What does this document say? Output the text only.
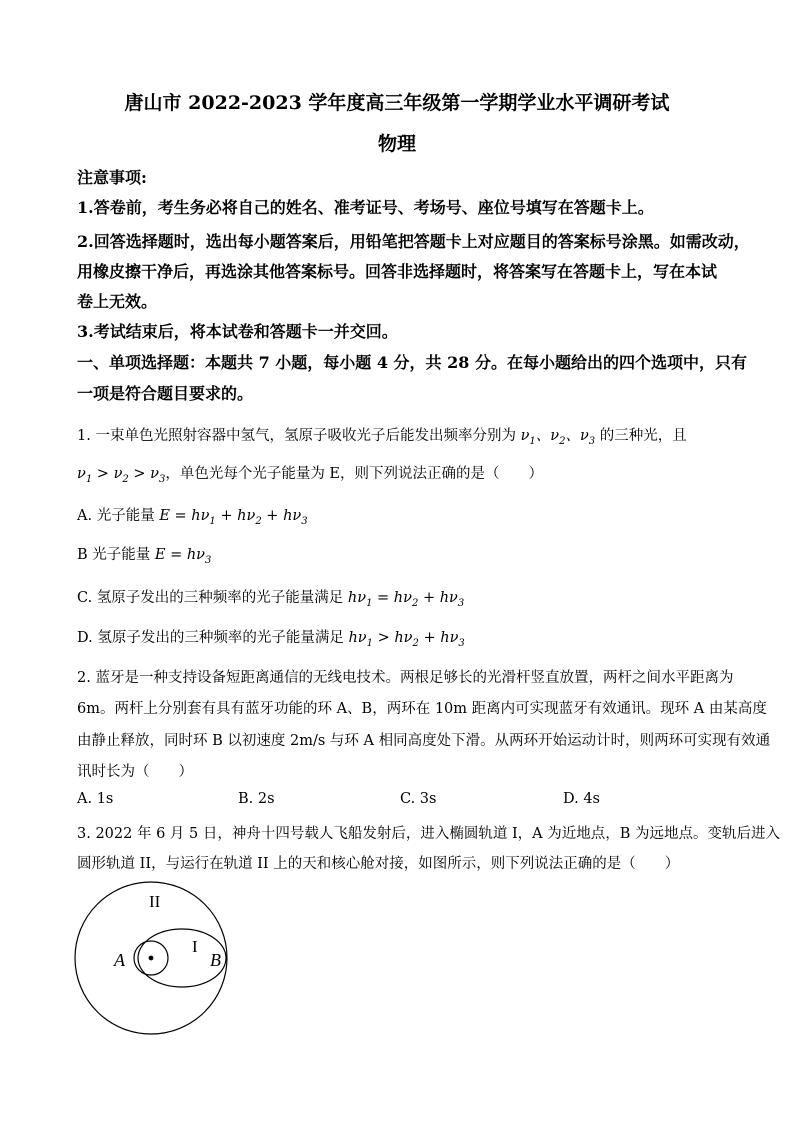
唐山市 2022-2023 学年度高三年级第一学期学业水平调研考试
物理
注意事项:
1.答卷前，考生务必将自己的姓名、准考证号、考场号、座位号填写在答题卡上。
2.回答选择题时，选出每小题答案后，用铅笔把答题卡上对应题目的答案标号涂黑。如需改动，
用橡皮擦干净后，再选涂其他答案标号。回答非选择题时，将答案写在答题卡上，写在本试
卷上无效。
3.考试结束后，将本试卷和答题卡一并交回。
一、单项选择题：本题共 7 小题，每小题 4 分，共 28 分。在每小题给出的四个选项中，只有
一项是符合题目要求的。
1. 一束单色光照射容器中氢气，氢原子吸收光子后能发出频率分别为 $\nu_1$、$\nu_2$、$\nu_3$ 的三种光，且
$\nu_1 > \nu_2 > \nu_3$，单色光每个光子能量为 E，则下列说法正确的是（　　）
A. 光子能量 $E = h\nu_1 + h\nu_2 + h\nu_3$
B 光子能量 $E = h\nu_3$
C. 氢原子发出的三种频率的光子能量满足 $h\nu_1 = h\nu_2 + h\nu_3$
D. 氢原子发出的三种频率的光子能量满足 $h\nu_1 > h\nu_2 + h\nu_3$
2. 蓝牙是一种支持设备短距离通信的无线电技术。两根足够长的光滑杆竖直放置，两杆之间水平距离为
6m。两杆上分别套有具有蓝牙功能的环 A、B，两环在 10m 距离内可实现蓝牙有效通讯。现环 A 由某高度
由静止释放，同时环 B 以初速度 2m/s 与环 A 相同高度处下滑。从两环开始运动计时，则两环可实现有效通
讯时长为（　　）
A. 1s	B. 2s	C. 3s	D. 4s
3. 2022 年 6 月 5 日，神舟十四号载人飞船发射后，进入椭圆轨道 I，A 为近地点，B 为远地点。变轨后进入
圆形轨道 II，与运行在轨道 II 上的天和核心舱对接，如图所示，则下列说法正确的是（　　）
II
I
A	B
